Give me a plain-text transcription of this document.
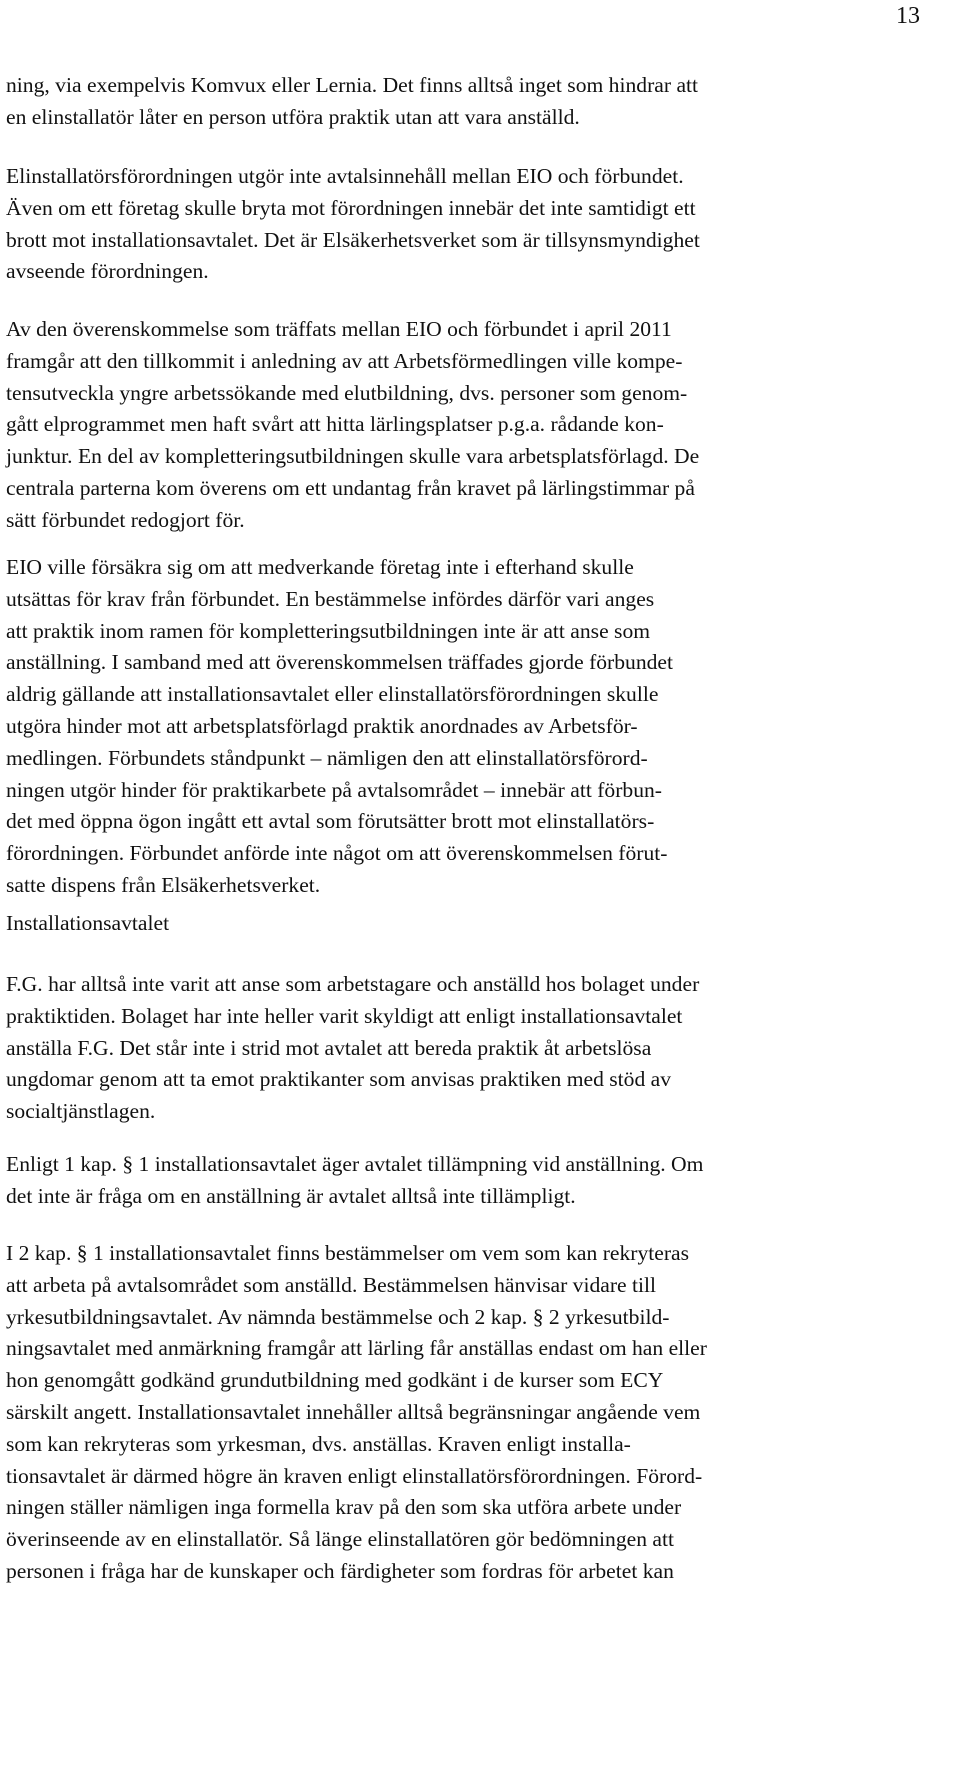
13
ning, via exempelvis Komvux eller Lernia. Det finns alltså inget som hindrar att
en elinstallatör låter en person utföra praktik utan att vara anställd.
Elinstallatörsförordningen utgör inte avtalsinnehåll mellan EIO och förbundet.
Även om ett företag skulle bryta mot förordningen innebär det inte samtidigt ett
brott mot installationsavtalet. Det är Elsäkerhetsverket som är tillsynsmyndighet
avseende förordningen.
Av den överenskommelse som träffats mellan EIO och förbundet i april 2011
framgår att den tillkommit i anledning av att Arbetsförmedlingen ville kompe-
tensutveckla yngre arbetssökande med elutbildning, dvs. personer som genom-
gått elprogrammet men haft svårt att hitta lärlingsplatser p.g.a. rådande kon-
junktur. En del av kompletteringsutbildningen skulle vara arbetsplatsförlagd. De
centrala parterna kom överens om ett undantag från kravet på lärlingstimmar på
sätt förbundet redogjort för.
EIO ville försäkra sig om att medverkande företag inte i efterhand skulle
utsättas för krav från förbundet. En bestämmelse infördes därför vari anges
att praktik inom ramen för kompletteringsutbildningen inte är att anse som
anställning. I samband med att överenskommelsen träffades gjorde förbundet
aldrig gällande att installationsavtalet eller elinstallatörsförordningen skulle
utgöra hinder mot att arbetsplatsförlagd praktik anordnades av Arbetsför-
medlingen. Förbundets ståndpunkt – nämligen den att elinstallatörsförord-
ningen utgör hinder för praktikarbete på avtalsområdet – innebär att förbun-
det med öppna ögon ingått ett avtal som förutsätter brott mot elinstallatörs-
förordningen. Förbundet anförde inte något om att överenskommelsen förut-
satte dispens från Elsäkerhetsverket.
Installationsavtalet
F.G. har alltså inte varit att anse som arbetstagare och anställd hos bolaget under
praktiktiden. Bolaget har inte heller varit skyldigt att enligt installationsavtalet
anställa F.G. Det står inte i strid mot avtalet att bereda praktik åt arbetslösa
ungdomar genom att ta emot praktikanter som anvisas praktiken med stöd av
socialtjänstlagen.
Enligt 1 kap. § 1 installationsavtalet äger avtalet tillämpning vid anställning. Om
det inte är fråga om en anställning är avtalet alltså inte tillämpligt.
I 2 kap. § 1 installationsavtalet finns bestämmelser om vem som kan rekryteras
att arbeta på avtalsområdet som anställd. Bestämmelsen hänvisar vidare till
yrkesutbildningsavtalet. Av nämnda bestämmelse och 2 kap. § 2 yrkesutbild-
ningsavtalet med anmärkning framgår att lärling får anställas endast om han eller
hon genomgått godkänd grundutbildning med godkänt i de kurser som ECY
särskilt angett. Installationsavtalet innehåller alltså begränsningar angående vem
som kan rekryteras som yrkesman, dvs. anställas. Kraven enligt installa-
tionsavtalet är därmed högre än kraven enligt elinstallatörsförordningen. Förord-
ningen ställer nämligen inga formella krav på den som ska utföra arbete under
överinseende av en elinstallatör. Så länge elinstallatören gör bedömningen att
personen i fråga har de kunskaper och färdigheter som fordras för arbetet kan
